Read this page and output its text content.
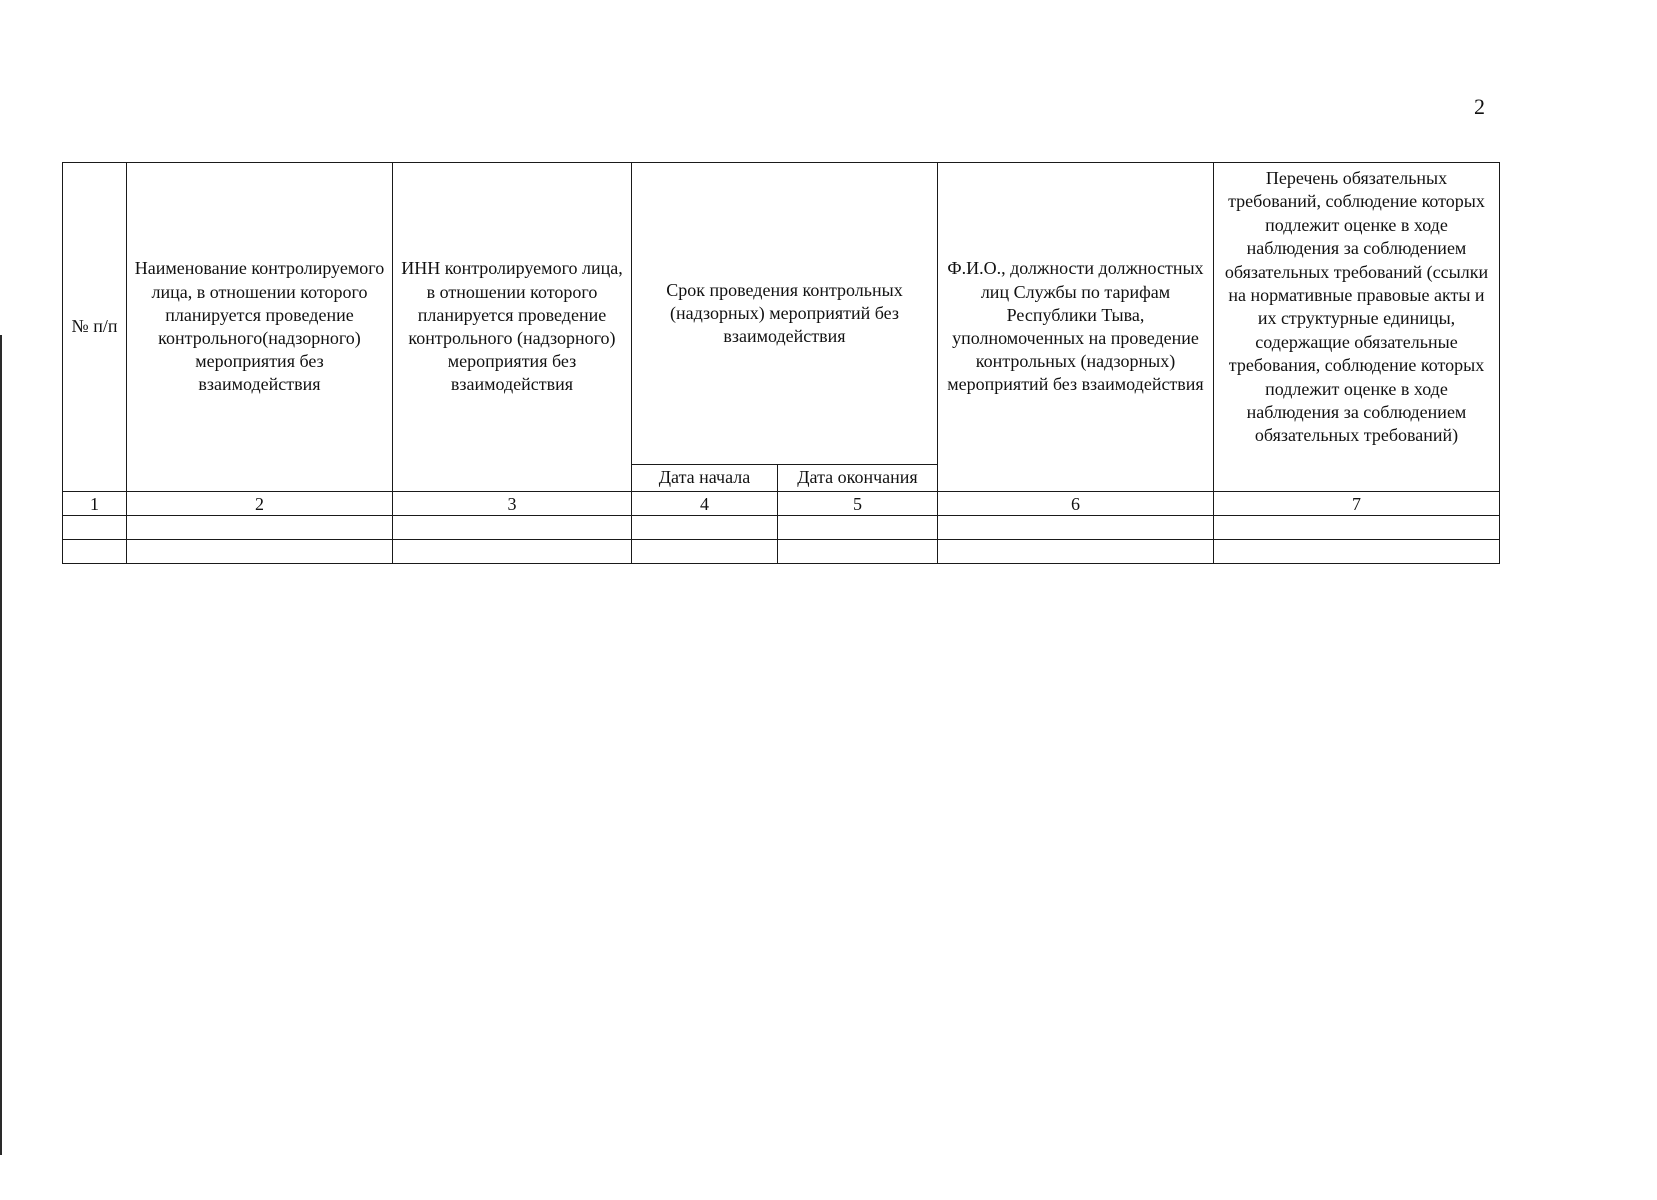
2
№ п/п	Наименование контролируемого лица, в отношении которого планируется проведение контрольного(надзорного) мероприятия без взаимодействия	ИНН контролируемого лица, в отношении которого планируется проведение контрольного (надзорного) мероприятия без взаимодействия	Срок проведения контрольных (надзорных) мероприятий без взаимодействия		Ф.И.О., должности должностных лиц Службы по тарифам Республики Тыва, уполномоченных на проведение контрольных (надзорных) мероприятий без взаимодействия	Перечень обязательных требований, соблюдение которых подлежит оценке в ходе наблюдения за соблюдением обязательных требований (ссылки на нормативные правовые акты и их структурные единицы, содержащие обязательные требования, соблюдение которых подлежит оценке в ходе наблюдения за соблюдением обязательных требований)
			Дата начала	Дата окончания		
1	2	3	4	5	6	7
